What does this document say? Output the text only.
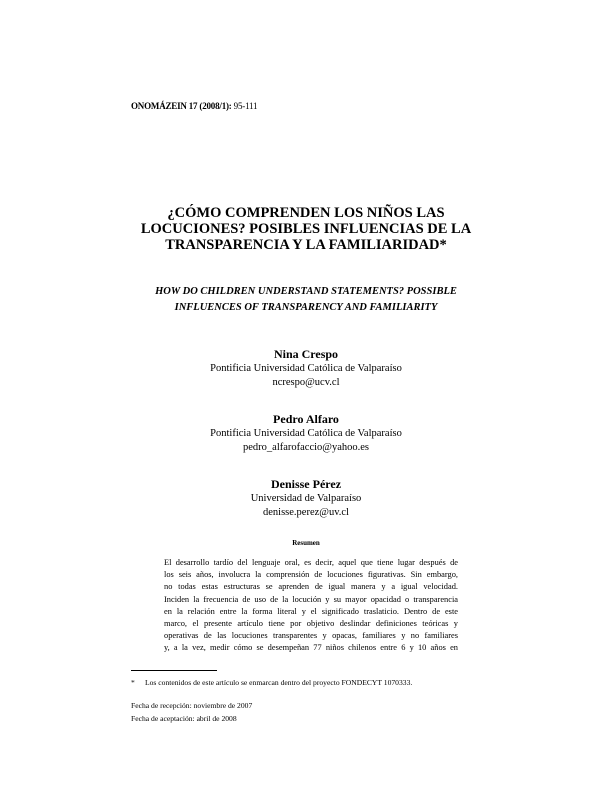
ONOMÁZEIN 17 (2008/1): 95-111
¿CÓMO COMPRENDEN LOS NIÑOS LAS
LOCUCIONES? POSIBLES INFLUENCIAS DE LA
TRANSPARENCIA Y LA FAMILIARIDAD*
HOW DO CHILDREN UNDERSTAND STATEMENTS? POSSIBLE
INFLUENCES OF TRANSPARENCY AND FAMILIARITY
Nina Crespo
Pontificia Universidad Católica de Valparaíso
ncrespo@ucv.cl
Pedro Alfaro
Pontificia Universidad Católica de Valparaíso
pedro_alfarofaccio@yahoo.es
Denisse Pérez
Universidad de Valparaíso
denisse.perez@uv.cl
Resumen
El desarrollo tardío del lenguaje oral, es decir, aquel que tiene lugar después de
los seis años, involucra la comprensión de locuciones figurativas. Sin embargo,
no todas estas estructuras se aprenden de igual manera y a igual velocidad.
Inciden la frecuencia de uso de la locución y su mayor opacidad o transparencia
en la relación entre la forma literal y el significado traslaticio. Dentro de este
marco, el presente artículo tiene por objetivo deslindar definiciones teóricas y
operativas de las locuciones transparentes y opacas, familiares y no familiares
y, a la vez, medir cómo se desempeñan 77 niños chilenos entre 6 y 10 años en
* Los contenidos de este artículo se enmarcan dentro del proyecto FONDECYT 1070333.
Fecha de recepción: noviembre de 2007
Fecha de aceptación: abril de 2008
